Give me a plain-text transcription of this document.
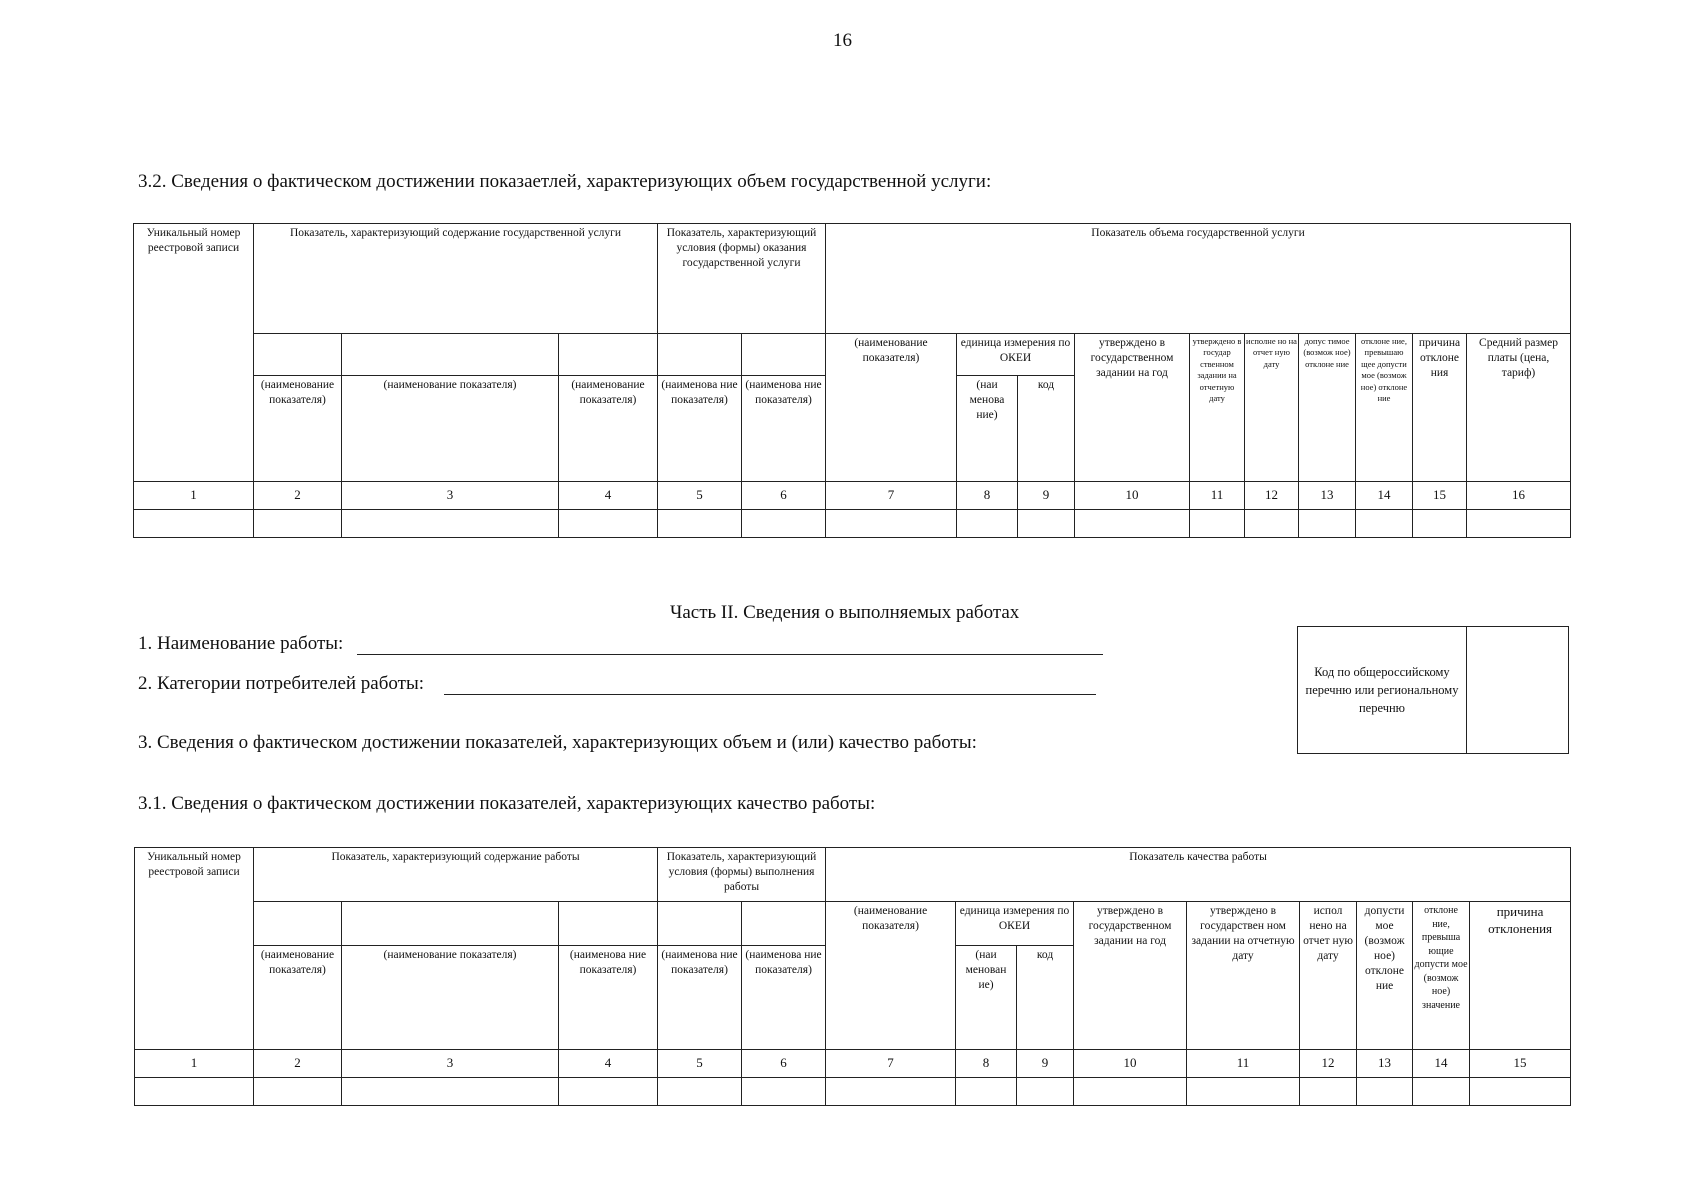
16
3.2. Сведения о фактическом достижении показаетлей, характеризующих объем государственной услуги:
Уникальный номер реестровой записи	Показатель, характеризующий содержание государственной услуги			Показатель, характеризующий условия (формы) оказания государственной услуги		Показатель объема государственной услуги									
						(наименование показателя)	единица измерения по ОКЕИ		утверждено в государственном задании на год	утверждено в государ ственном задании на отчетную дату	исполне но на отчет ную дату	допус тимое (возмож ное) отклоне ние	отклоне ние, превышаю щее допусти мое (возмож ное) отклоне ние	причина отклоне ния	Средний размер платы (цена, тариф)
	(наименование показателя)	(наименование показателя)	(наименование показателя)	(наименова ние показателя)	(наименова ние показателя)		(наи менова ние)	код							
1	2	3	4	5	6	7	8	9	10	11	12	13	14	15	16

Часть II. Сведения о выполняемых работах
1. Наименование работы:
2. Категории потребителей работы:
Код по общероссийскому перечню или региональному перечню
3. Сведения о фактическом достижении показателей, характеризующих объем и (или) качество работы:
3.1. Сведения о фактическом достижении показателей, характеризующих качество работы:
Уникальный номер реестровой записи	Показатель, характеризующий содержание работы			Показатель, характеризующий условия (формы) выполнения работы		Показатель качества работы								
						(наименование показателя)	единица измерения по ОКЕИ		утверждено в государственном задании на год	утверждено в государствен ном задании на отчетную дату	испол нено на отчет ную дату	допусти мое (возмож ное) отклоне ние	отклоне ние, превыша ющие допусти мое (возмож ное) значение	причина отклонения
	(наименование показателя)	(наименование показателя)	(наименова ние показателя)	(наименова ние показателя)	(наименова ние показателя)		(наи менован ие)	код						
1	2	3	4	5	6	7	8	9	10	11	12	13	14	15
